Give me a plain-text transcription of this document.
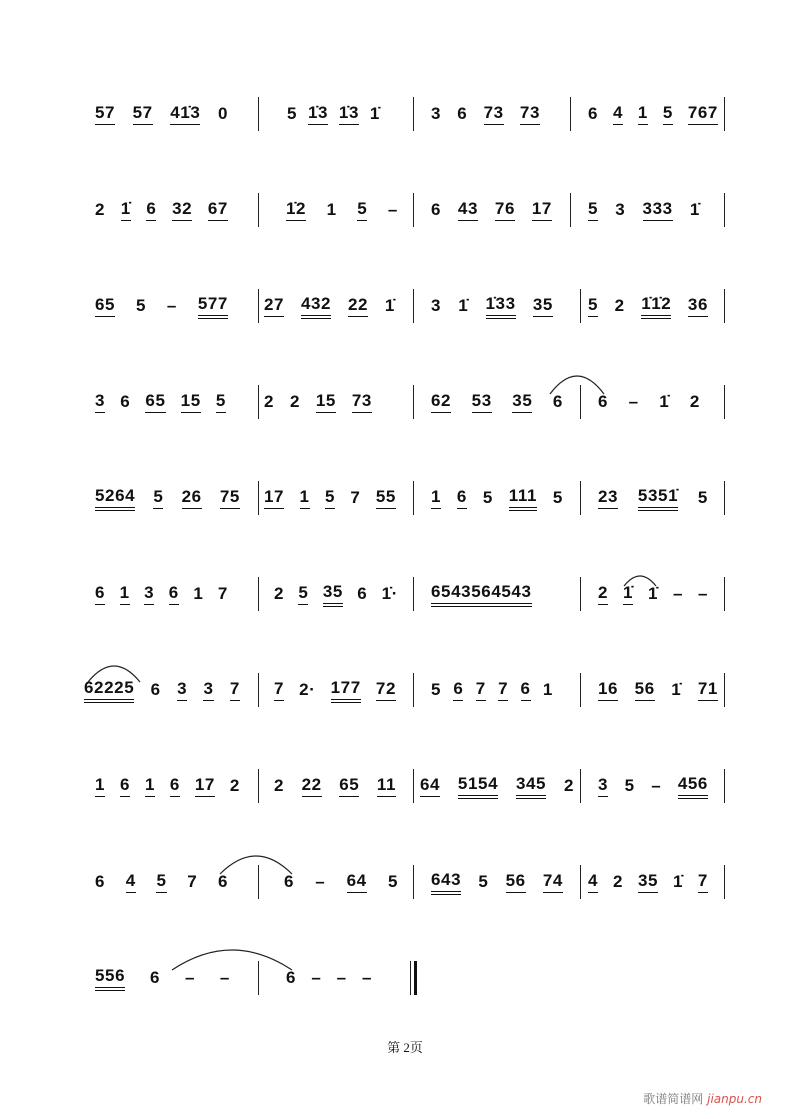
57 57 41̇3 0	5 1̇3 1̇3 1̇	3 6 73 73	6 4 1 5 767
2 1̇ 6 32 67	1̇2 1 5 – 6 43 76 17 5 3 333 1̇
65 5 – 577 27 432 22 1̇ 3 1̇ 1̇33 35 5 2 1̇1̇2 36
3 6 65 15 5 2 2 15 73	62 53 35 6 6 – 1̇ 2
5264 5 26 75 17 1 5 7 55 1 6 5 111 5 23 5351̇ 5
6 1 3 6 1 7	2 5 35 6 1̇· 6543564543	2 1̇ 1̇ – –
62225 6 3 3 7 7 2· 177 72 5 6 7 7 6 1	16 56 1̇ 71
1 6 1 6 17 2 2 22 65 11 64 5154 345 2 3 5 – 456
6 4 5 7 6	6 – 64 5 643 5 56 74 4 2 35 1̇ 7
556 6 – –	6 – – –
第 2页
歌谱简谱网 jianpu.cn
